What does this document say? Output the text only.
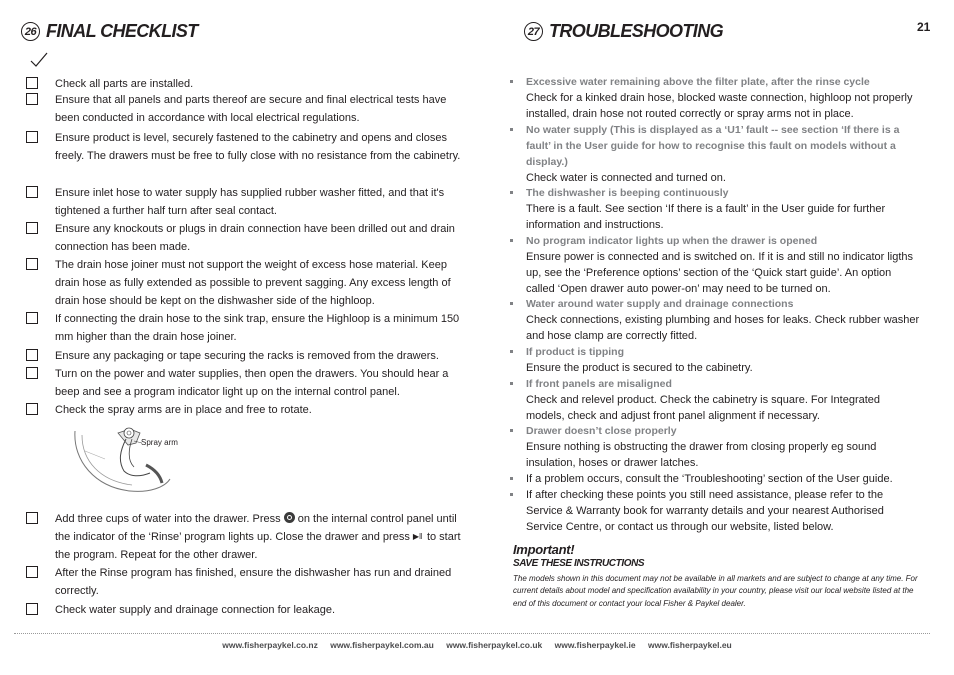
21
26 FINAL CHECKLIST
Check all parts are installed.
Ensure that all panels and parts thereof are secure and final electrical tests have been conducted in accordance with local electrical regulations.
Ensure product is level, securely fastened to the cabinetry and opens and closes freely. The drawers must be free to fully close with no resistance from the cabinetry.
Ensure inlet hose to water supply has supplied rubber washer fitted, and that it's tightened a further half turn after seal contact.
Ensure any knockouts or plugs in drain connection have been drilled out and drain connection has been made.
The drain hose joiner must not support the weight of excess hose material. Keep drain hose as fully extended as possible to prevent sagging. Any excess length of drain hose should be kept on the dishwasher side of the highloop.
If connecting the drain hose to the sink trap, ensure the Highloop is a minimum 150 mm higher than the drain hose joiner.
Ensure any packaging or tape securing the racks is removed from the drawers.
Turn on the power and water supplies, then open the drawers. You should hear a beep and see a program indicator light up on the internal control panel.
Check the spray arms are in place and free to rotate.
Spray arm
Add three cups of water into the drawer. Press  on the internal control panel until the indicator of the ‘Rinse’ program lights up. Close the drawer and press ▶‖ to start the program. Repeat for the other drawer.
After the Rinse program has finished, ensure the dishwasher has run and drained correctly.
Check water supply and drainage connection for leakage.
27 TROUBLESHOOTING
Excessive water remaining above the filter plate, after the rinse cycle
Check for a kinked drain hose, blocked waste connection, highloop not properly installed, drain hose not routed correctly or spray arms not in place.
No water supply (This is displayed as a ‘U1’ fault -- see section ‘If there is a fault’ in the User guide for how to recognise this fault on models without a display.)
Check water is connected and turned on.
The dishwasher is beeping continuously
There is a fault. See section ‘If there is a fault’ in the User guide for further information and instructions.
No program indicator lights up when the drawer is opened
Ensure power is connected and is switched on. If it is and still no indicator ligths up, see the ‘Preference options’ section of the ‘Quick start guide’. An option called ‘Open drawer auto power-on’ may need to be turned on.
Water around water supply and drainage connections
Check connections, existing plumbing and hoses for leaks. Check rubber washer and hose clamp are correctly fitted.
If product is tipping
Ensure the product is secured to the cabinetry.
If front panels are misaligned
Check and relevel product. Check the cabinetry is square. For Integrated models, check and adjust front panel alignment if necessary.
Drawer doesn’t close properly
Ensure nothing is obstructing the drawer from closing properly eg sound insulation, hoses or drawer latches.
If a problem occurs, consult the ‘Troubleshooting’ section of the User guide.
If after checking these points you still need assistance, please refer to the Service & Warranty book for warranty details and your nearest Authorised Service Centre, or contact us through our website, listed below.
Important!
SAVE THESE INSTRUCTIONS
The models shown in this document may not be available in all markets and are subject to change at any time. For current details about model and specification availability in your country, please visit our local website listed at the end of this document or contact your local Fisher & Paykel dealer.
www.fisherpaykel.co.nz www.fisherpaykel.com.au www.fisherpaykel.co.uk www.fisherpaykel.ie www.fisherpaykel.eu
